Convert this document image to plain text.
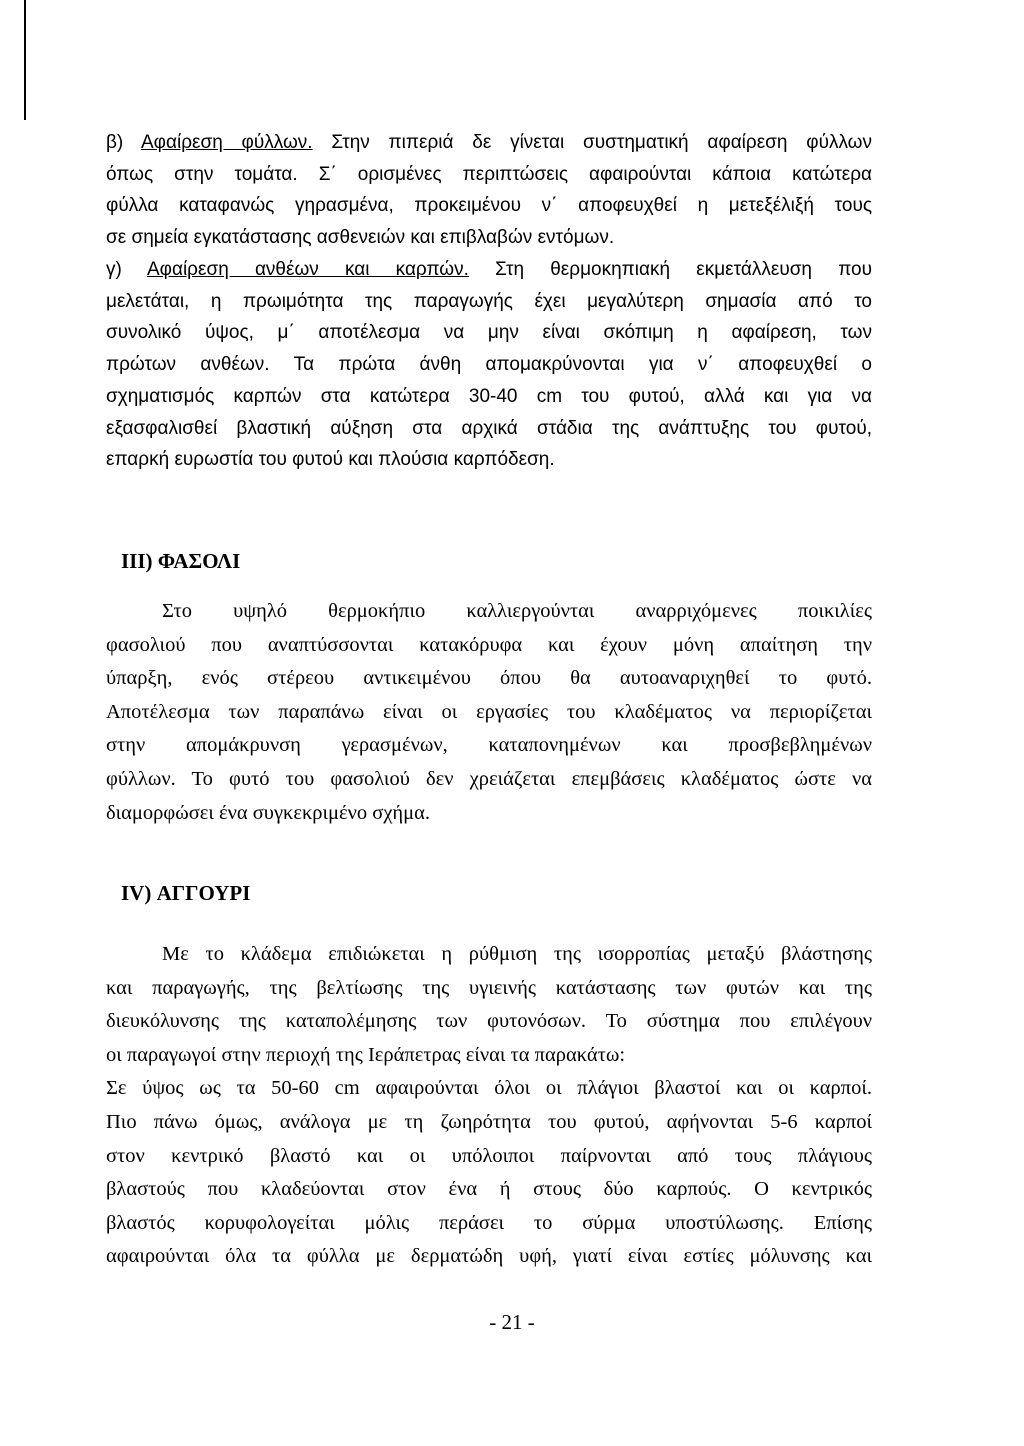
β) Αφαίρεση φύλλων. Στην πιπεριά δε γίνεται συστηματική αφαίρεση φύλλων
όπως στην τομάτα. Σ΄ ορισμένες περιπτώσεις αφαιρούνται κάποια κατώτερα
φύλλα καταφανώς γηρασμένα, προκειμένου ν΄ αποφευχθεί η μετεξέλιξή τους
σε σημεία εγκατάστασης ασθενειών και επιβλαβών εντόμων.
γ) Αφαίρεση ανθέων και καρπών. Στη θερμοκηπιακή εκμετάλλευση που
μελετάται, η πρωιμότητα της παραγωγής έχει μεγαλύτερη σημασία από το
συνολικό ύψος, μ΄ αποτέλεσμα να μην είναι σκόπιμη η αφαίρεση, των
πρώτων ανθέων. Τα πρώτα άνθη απομακρύνονται για ν΄ αποφευχθεί ο
σχηματισμός καρπών στα κατώτερα 30-40 cm του φυτού, αλλά και για να
εξασφαλισθεί βλαστική αύξηση στα αρχικά στάδια της ανάπτυξης του φυτού,
επαρκή ευρωστία του φυτού και πλούσια καρπόδεση.
III) ΦΑΣΟΛΙ
Στο υψηλό θερμοκήπιο καλλιεργούνται αναρριχόμενες ποικιλίες
φασολιού που αναπτύσσονται κατακόρυφα και έχουν μόνη απαίτηση την
ύπαρξη, ενός στέρεου αντικειμένου όπου θα αυτοαναριχηθεί το φυτό.
Αποτέλεσμα των παραπάνω είναι οι εργασίες του κλαδέματος να περιορίζεται
στην απομάκρυνση γερασμένων, καταπονημένων και προσβεβλημένων
φύλλων. Το φυτό του φασολιού δεν χρειάζεται επεμβάσεις κλαδέματος ώστε να
διαμορφώσει ένα συγκεκριμένο σχήμα.
IV) ΑΓΓΟΥΡΙ
Με το κλάδεμα επιδιώκεται η ρύθμιση της ισορροπίας μεταξύ βλάστησης
και παραγωγής, της βελτίωσης της υγιεινής κατάστασης των φυτών και της
διευκόλυνσης της καταπολέμησης των φυτονόσων. Το σύστημα που επιλέγουν
οι παραγωγοί στην περιοχή της Ιεράπετρας είναι τα παρακάτω:
Σε ύψος ως τα 50-60 cm αφαιρούνται όλοι οι πλάγιοι βλαστοί και οι καρποί.
Πιο πάνω όμως, ανάλογα με τη ζωηρότητα του φυτού, αφήνονται 5-6 καρποί
στον κεντρικό βλαστό και οι υπόλοιποι παίρνονται από τους πλάγιους
βλαστούς που κλαδεύονται στον ένα ή στους δύο καρπούς. Ο κεντρικός
βλαστός κορυφολογείται μόλις περάσει το σύρμα υποστύλωσης. Επίσης
αφαιρούνται όλα τα φύλλα με δερματώδη υφή, γιατί είναι εστίες μόλυνσης και
- 21 -
